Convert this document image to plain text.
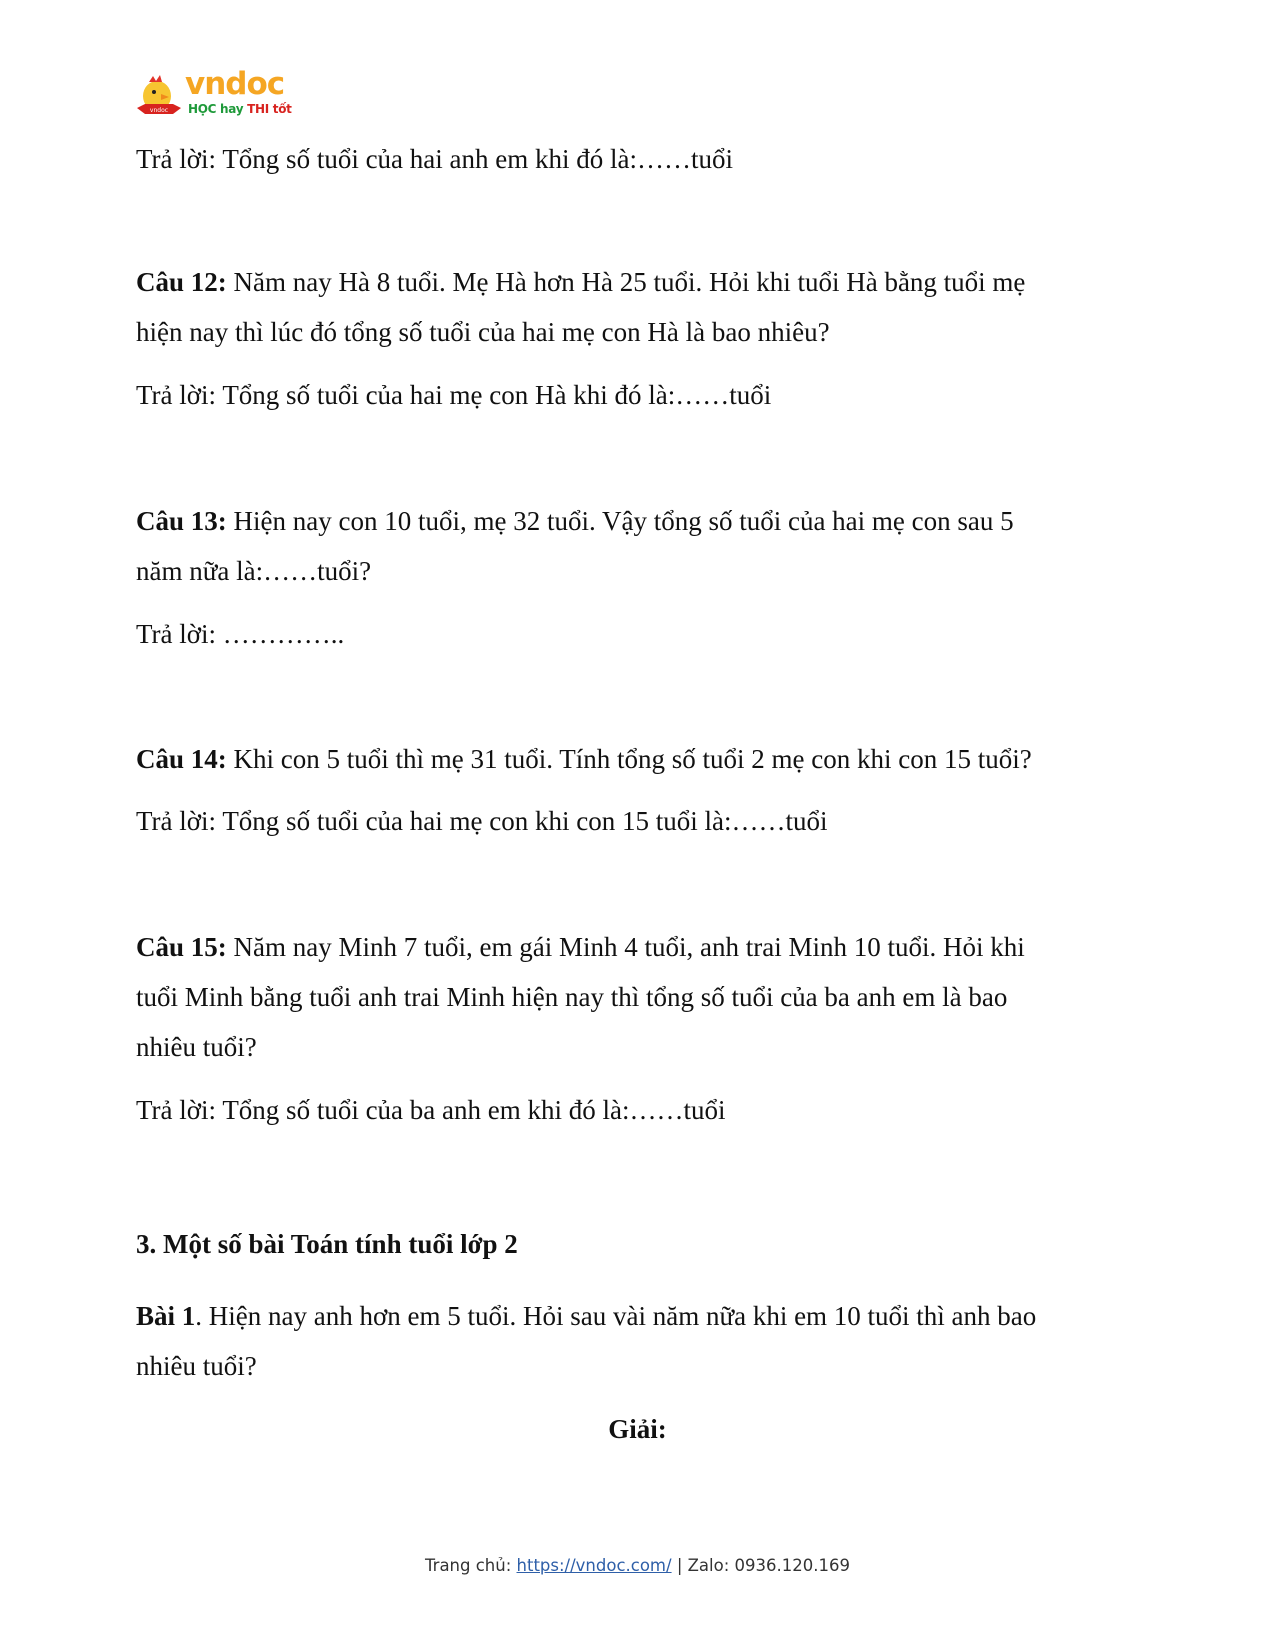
vndoc
vndoc
HỌC hay THI tốt
Trả lời: Tổng số tuổi của hai anh em khi đó là:……tuổi
Câu 12: Năm nay Hà 8 tuổi. Mẹ Hà hơn Hà 25 tuổi. Hỏi khi tuổi Hà bằng tuổi mẹ
hiện nay thì lúc đó tổng số tuổi của hai mẹ con Hà là bao nhiêu?
Trả lời: Tổng số tuổi của hai mẹ con Hà khi đó là:……tuổi
Câu 13: Hiện nay con 10 tuổi, mẹ 32 tuổi. Vậy tổng số tuổi của hai mẹ con sau 5
năm nữa là:……tuổi?
Trả lời: …………..
Câu 14: Khi con 5 tuổi thì mẹ 31 tuổi. Tính tổng số tuổi 2 mẹ con khi con 15 tuổi?
Trả lời: Tổng số tuổi của hai mẹ con khi con 15 tuổi là:……tuổi
Câu 15: Năm nay Minh 7 tuổi, em gái Minh 4 tuổi, anh trai Minh 10 tuổi. Hỏi khi
tuổi Minh bằng tuổi anh trai Minh hiện nay thì tổng số tuổi của ba anh em là bao
nhiêu tuổi?
Trả lời: Tổng số tuổi của ba anh em khi đó là:……tuổi
3. Một số bài Toán tính tuổi lớp 2
Bài 1. Hiện nay anh hơn em 5 tuổi. Hỏi sau vài năm nữa khi em 10 tuổi thì anh bao
nhiêu tuổi?
Giải:
Trang chủ: https://vndoc.com/ | Zalo: 0936.120.169
